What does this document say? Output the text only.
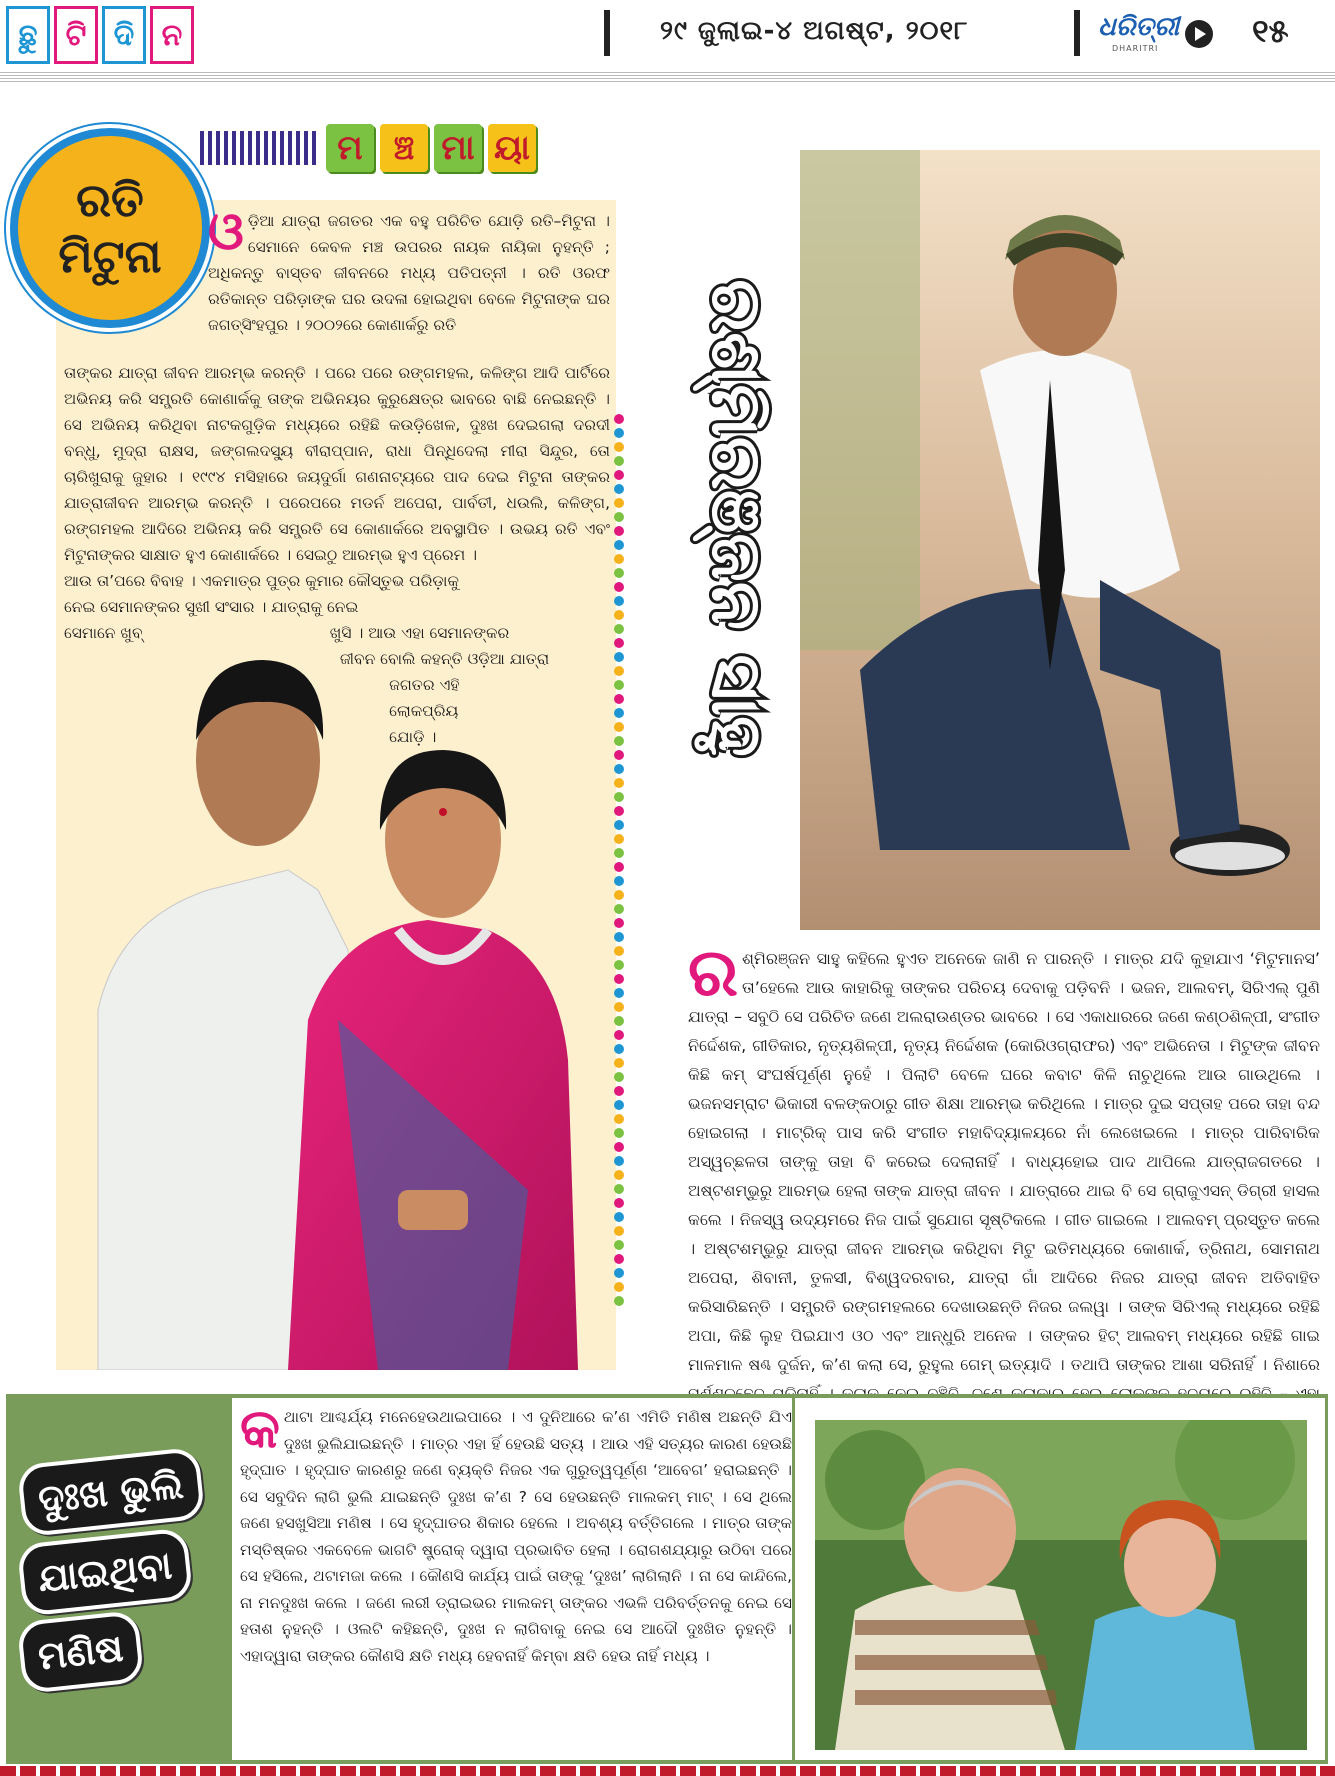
ଛୁ ଟି ଦି ନ	୨୯ ଜୁଲାଇ-୪ ଅଗଷ୍ଟ, ୨୦୧୮	ଧରିତ୍ରୀ
DHARITRI	୧୫
ମ ଞ୍ଚ ମା ୟା
ରତି
ମିଟୁନା ଓଡ଼ିଆ ଯାତ୍ରା ଜଗତର ଏକ ବହୁ ପରିଚିତ ଯୋଡ଼ି ରତି–ମିଟୁନା । ସେମାନେ କେବଳ ମଞ୍ଚ ଉପରର ନାୟକ ନାୟିକା ନୁହନ୍ତି ; ଅଧିକନ୍ତୁ ବାସ୍ତବ ଜୀବନରେ ମଧ୍ୟ ପତିପତ୍ନୀ । ରତି ଓରଫ ରତିକାନ୍ତ ପରିଡ଼ାଙ୍କ ଘର ଉଦଳା ହୋଇଥିବା ବେଳେ ମିଟୁନାଙ୍କ ଘର ଜଗତ୍‌ସିଂହପୁର । ୨୦୦୨ରେ କୋଣାର୍କରୁ ରତି
ତାଙ୍କର ଯାତ୍ରା ଜୀବନ ଆରମ୍ଭ କରନ୍ତି । ପରେ ପରେ ରଙ୍ଗମହଲ, କଳିଙ୍ଗ ଆଦି ପାର୍ଟିରେ ଅଭିନୟ କରି ସମ୍ପ୍ରତି କୋଣାର୍କକୁ ତାଙ୍କ ଅଭିନୟର କୁରୁକ୍ଷେତ୍ର ଭାବରେ ବାଛି ନେଇଛନ୍ତି । ସେ ଅଭିନୟ କରିଥିବା ନାଟକଗୁଡ଼ିକ ମଧ୍ୟରେ ରହିଛି କଉଡ଼ିଖେଳ, ଦୁଃଖ ଦେଇଗଲା ଦରଦୀ ବନ୍ଧୁ, ମୁଦ୍ରା ରାକ୍ଷସ, ଜଙ୍ଗଲଦସ୍ୟୁ ବୀରାପ୍ପାନ, ରାଧା ପିନ୍ଧିଦେଲା ମୀରା ସିନ୍ଦୁର, ତୋ ଚାରିଖୁରାକୁ ଜୁହାର । ୧୯୯୪ ମସିହାରେ ଜୟଦୁର୍ଗା ଗଣନାଟ୍ୟରେ ପାଦ ଦେଇ ମିଟୁନା ତାଙ୍କର ଯାତ୍ରାଜୀବନ ଆରମ୍ଭ କରନ୍ତି । ପରେପରେ ମଡର୍ନ ଅପେରା, ପାର୍ବତୀ, ଧଉଲି, କଳିଙ୍ଗ, ରଙ୍ଗମହଲ ଆଦିରେ ଅଭିନୟ କରି ସମ୍ପ୍ରତି ସେ କୋଣାର୍କରେ ଅବସ୍ଥାପିତ । ଉଭୟ ରତି ଏବଂ ମିଟୁନାଙ୍କର ସାକ୍ଷାତ ହୁଏ କୋଣାର୍କରେ । ସେଇଠୁ ଆରମ୍ଭ ହୁଏ ପ୍ରେମ ।

ଆଉ ତା’ପରେ ବିବାହ । ଏକମାତ୍ର ପୁତ୍ର କୁମାର କୌସ୍ତୁଭ ପରିଡ଼ାକୁ

ନେଇ ସେମାନଙ୍କର ସୁଖୀ ସଂସାର । ଯାତ୍ରାକୁ ନେଇ

ସେମାନେ ଖୁବ୍                                      ଖୁସି । ଆଉ ଏହା ସେମାନଙ୍କର

ଜୀବନ ବୋଲି କହନ୍ତି ଓଡ଼ିଆ ଯାତ୍ରା

ଜଗତର ଏହି

ଲୋକପ୍ରିୟ

ଯୋଡ଼ି ।	ରଶ୍ମିରଞ୍ଜନ ସାହୁ
ରଶ୍ମିରଞ୍ଜନ ସାହୁ କହିଲେ ହୁଏତ ଅନେକେ ଜାଣି ନ ପାରନ୍ତି । ମାତ୍ର ଯଦି କୁହାଯାଏ ‘ମିଟୁମାନସ’ ତା’ହେଲେ ଆଉ କାହାରିକୁ ତାଙ୍କର ପରିଚୟ ଦେବାକୁ ପଡ଼ିବନି । ଭଜନ, ଆଲବମ୍, ସିରିଏଲ୍ ପୁଣି ଯାତ୍ରା – ସବୁଠି ସେ ପରିଚିତ ଜଣେ ଅଲରାଉଣ୍ଡର ଭାବରେ । ସେ ଏକାଧାରରେ ଜଣେ କଣ୍ଠଶିଳ୍ପୀ, ସଂଗୀତ ନିର୍ଦ୍ଦେଶକ, ଗୀତିକାର, ନୃତ୍ୟଶିଳ୍ପୀ, ନୃତ୍ୟ ନିର୍ଦ୍ଦେଶକ (କୋରିଓଗ୍ରାଫର) ଏବଂ ଅଭିନେତା । ମିଟୁଙ୍କ ଜୀବନ କିଛି କମ୍ ସଂଘର୍ଷପୂର୍ଣ୍ଣ ନୁହେଁ । ପିଲାଟି ବେଳେ ଘରେ କବାଟ କିଳି ନାଚୁଥିଲେ ଆଉ ଗାଉଥିଲେ । ଭଜନସମ୍ରାଟ ଭିକାରୀ ବଳଙ୍କଠାରୁ ଗୀତ ଶିକ୍ଷା ଆରମ୍ଭ କରିଥିଲେ । ମାତ୍ର ଦୁଇ ସପ୍ତାହ ପରେ ତାହା ବନ୍ଦ ହୋଇଗଲା । ମାଟ୍ରିକ୍ ପାସ କରି ସଂଗୀତ ମହାବିଦ୍ୟାଳୟରେ ନାଁ ଲେଖେଇଲେ । ମାତ୍ର ପାରିବାରିକ ଅସ୍ୱଚ୍ଛଳତା ତାଙ୍କୁ ତାହା ବି କରେଇ ଦେଲାନାହିଁ । ବାଧ୍ୟହୋଇ ପାଦ ଥାପିଲେ ଯାତ୍ରାଜଗତରେ । ଅଷ୍ଟଶମ୍ଭୁରୁ ଆରମ୍ଭ ହେଲା ତାଙ୍କ ଯାତ୍ରା ଜୀବନ । ଯାତ୍ରାରେ ଥାଇ ବି ସେ ଗ୍ରାଜୁଏସନ୍ ଡିଗ୍ରୀ ହାସଲ କଲେ । ନିଜସ୍ୱ ଉଦ୍ୟମରେ ନିଜ ପାଇଁ ସୁଯୋଗ ସୃଷ୍ଟିକଲେ । ଗୀତ ଗାଇଲେ । ଆଲବମ୍ ପ୍ରସ୍ତୁତ କଲେ । ଅଷ୍ଟଶମ୍ଭୁରୁ ଯାତ୍ରା ଜୀବନ ଆରମ୍ଭ କରିଥିବା ମିଟୁ ଇତିମଧ୍ୟରେ କୋଣାର୍କ, ତ୍ରିନାଥ, ସୋମନାଥ ଅପେରା, ଶିବାନୀ, ତୁଳସୀ, ବିଶ୍ୱଦରବାର, ଯାତ୍ରା ଗାଁ ଆଦିରେ ନିଜର ଯାତ୍ରା ଜୀବନ ଅତିବାହିତ କରିସାରିଛନ୍ତି । ସମ୍ପ୍ରତି ରଙ୍ଗମହଲରେ ଦେଖାଉଛନ୍ତି ନିଜର ଜଲୱା । ତାଙ୍କ ସିରିଏଲ୍ ମଧ୍ୟରେ ରହିଛି ଅପା, କିଛି ଲୁହ ପିଇଯାଏ ଓଠ ଏବଂ ଆନ୍ଧୁରି ଅନେକ । ତାଙ୍କର ହିଟ୍ ଆଲବମ୍ ମଧ୍ୟରେ ରହିଛି ଗାଇ ମାଳମାଳ ଷଣ୍ଢ ଦୁର୍ଜନ, କ’ଣ କଲା ସେ, ରୁହୁଲ ଗେମ୍ ଇତ୍ୟାଦି । ତଥାପି ତାଙ୍କର ଆଶା ସରିନାହିଁ । ନିଶାରେ
ଦୁଃଖ ଭୁଲି ଯାଇଥିବା ମଣିଷ
କଥାଟା ଆଶ୍ଚର୍ଯ୍ୟ ମନେହେଉଥାଇପାରେ । ଏ ଦୁନିଆରେ କ’ଣ ଏମିତି ମଣିଷ ଅଛନ୍ତି ଯିଏ ଦୁଃଖ ଭୁଲିଯାଇଛନ୍ତି । ମାତ୍ର ଏହା ହିଁ ହେଉଛି ସତ୍ୟ । ଆଉ ଏହି ସତ୍ୟର କାରଣ ହେଉଛି ହୃଦ୍‌ଘାତ । ହୃଦ୍‌ଘାତ କାରଣରୁ ଜଣେ ବ୍ୟକ୍ତି ନିଜର ଏକ ଗୁରୁତ୍ୱପୂର୍ଣ୍ଣ ‘ଆବେଗ’ ହରାଇଛନ୍ତି । ସେ ସବୁଦିନ ଲାଗି ଭୁଲି ଯାଇଛନ୍ତି ଦୁଃଖ କ’ଣ ? ସେ ହେଉଛନ୍ତି ମାଲକମ୍ ମାଟ୍ । ସେ ଥିଲେ ଜଣେ ହସଖୁସିଆ ମଣିଷ । ସେ ହୃଦ୍‌ଘାତର ଶିକାର ହେଲେ । ଅବଶ୍ୟ ବର୍ତ୍ତିଗଲେ । ମାତ୍ର ତାଙ୍କ ମସ୍ତିଷ୍କର ଏକବେଳେ ଭାଗଟି ଷ୍ଟ୍ରୋକ୍ ଦ୍ୱାରା ପ୍ରଭାବିତ ହେଲା । ରୋଗଶଯ୍ୟାରୁ ଉଠିବା ପରେ ସେ ହସିଲେ, ଥଟାମଜା କଲେ । କୌଣସି କାର୍ଯ୍ୟ ପାଇଁ ତାଙ୍କୁ ‘ଦୁଃଖ’ ଲାଗିଲାନି । ନା ସେ କାନ୍ଦିଲେ, ନା ମନଦୁଃଖ କଲେ । ଜଣେ ଲରୀ ଡ୍ରାଇଭର ମାଲକମ୍ ତାଙ୍କର ଏଭଳି ପରିବର୍ତ୍ତନକୁ ନେଇ ସେ ହତାଶ ନୁହନ୍ତି । ଓଲଟି କହିଛନ୍ତି, ଦୁଃଖ ନ ଲାଗିବାକୁ ନେଇ ସେ ଆଦୌ ଦୁଃଖିତ ନୁହନ୍ତି । ଏହାଦ୍ୱାରା ତାଙ୍କର କୌଣସି କ୍ଷତି ମଧ୍ୟ ହେବନାହିଁ କିମ୍ବା କ୍ଷତି ହେଉ ନାହିଁ ମଧ୍ୟ ।
